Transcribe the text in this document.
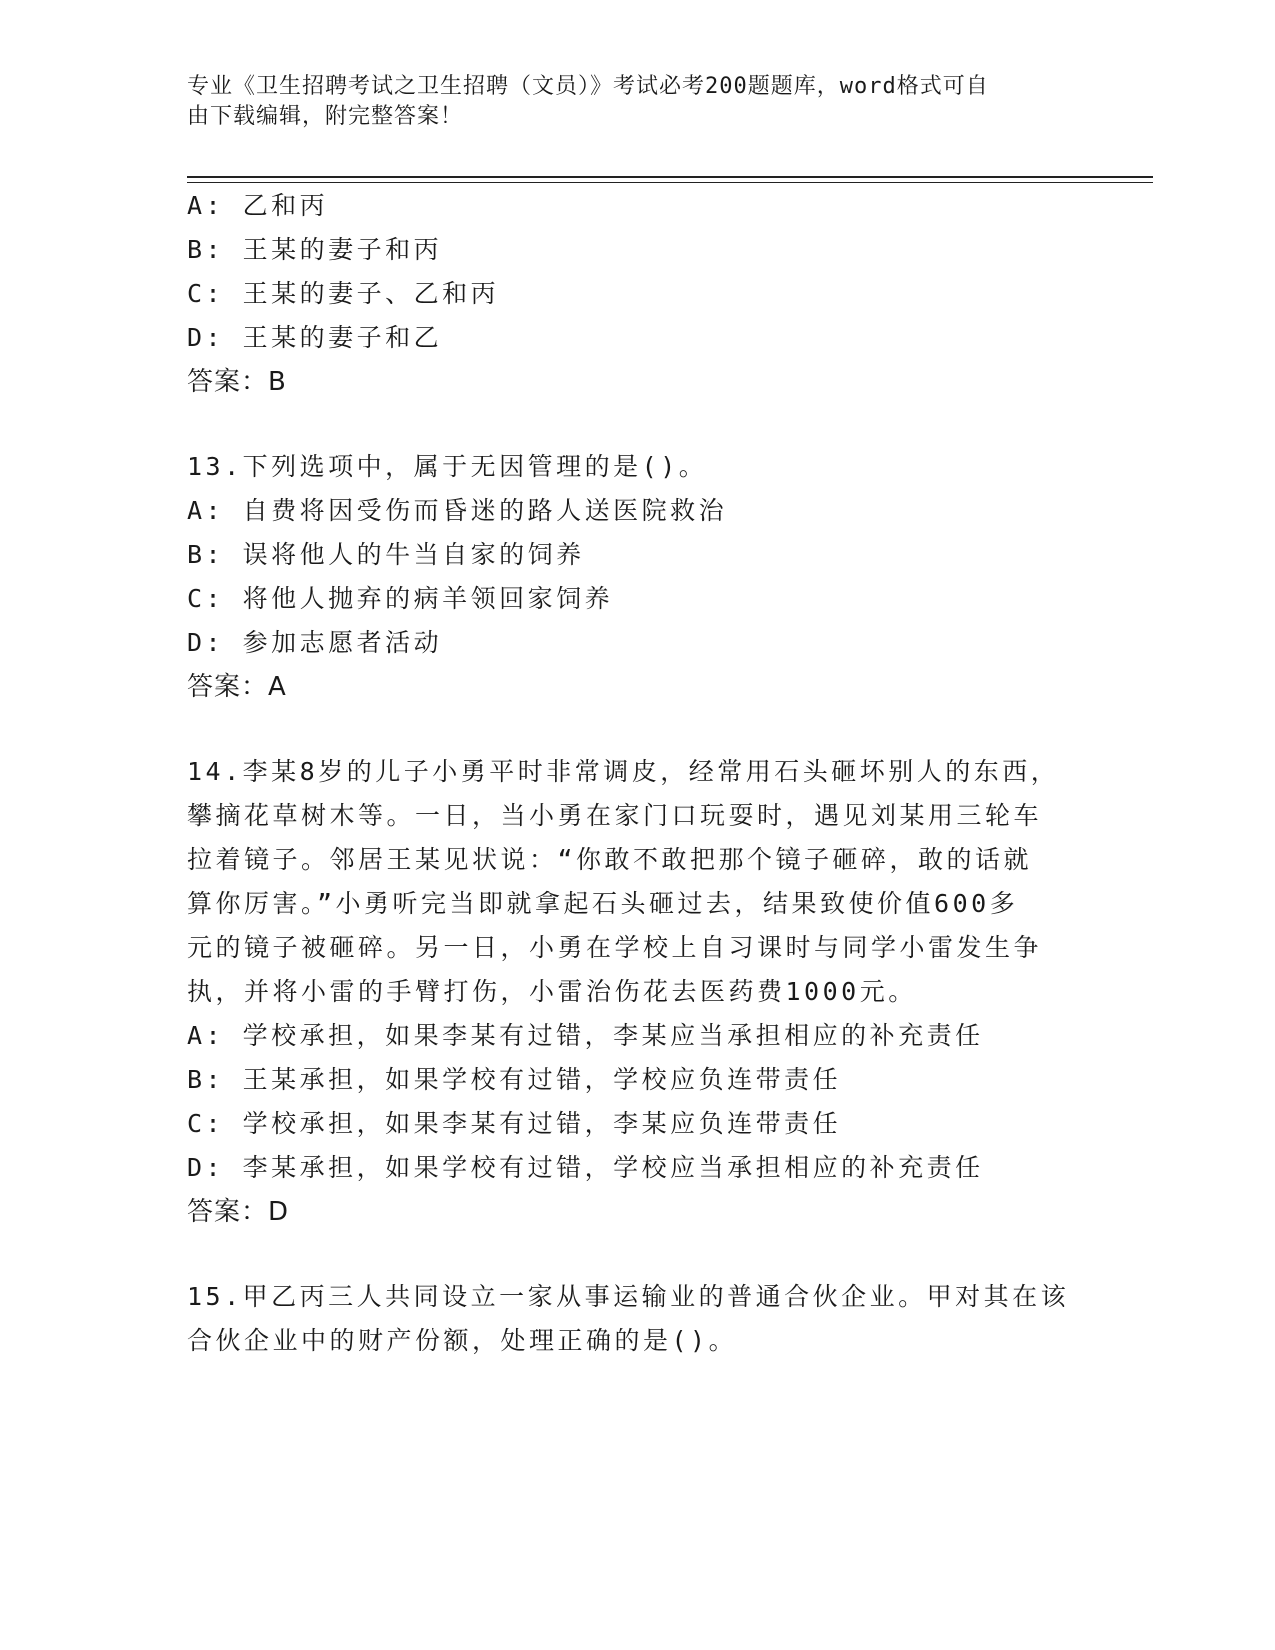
专业《卫生招聘考试之卫生招聘（文员）》考试必考200题题库，word格式可自
由下载编辑，附完整答案！
A: 乙和丙
B: 王某的妻子和丙
C: 王某的妻子、乙和丙
D: 王某的妻子和乙
答案：B
13.下列选项中，属于无因管理的是()。
A: 自费将因受伤而昏迷的路人送医院救治
B: 误将他人的牛当自家的饲养
C: 将他人抛弃的病羊领回家饲养
D: 参加志愿者活动
答案：A
14.李某8岁的儿子小勇平时非常调皮，经常用石头砸坏别人的东西，
攀摘花草树木等。一日，当小勇在家门口玩耍时，遇见刘某用三轮车
拉着镜子。邻居王某见状说：“你敢不敢把那个镜子砸碎，敢的话就
算你厉害。”小勇听完当即就拿起石头砸过去，结果致使价值600多
元的镜子被砸碎。另一日，小勇在学校上自习课时与同学小雷发生争
执，并将小雷的手臂打伤，小雷治伤花去医药费1000元。
A: 学校承担，如果李某有过错，李某应当承担相应的补充责任
B: 王某承担，如果学校有过错，学校应负连带责任
C: 学校承担，如果李某有过错，李某应负连带责任
D: 李某承担，如果学校有过错，学校应当承担相应的补充责任
答案：D
15.甲乙丙三人共同设立一家从事运输业的普通合伙企业。甲对其在该
合伙企业中的财产份额，处理正确的是()。
